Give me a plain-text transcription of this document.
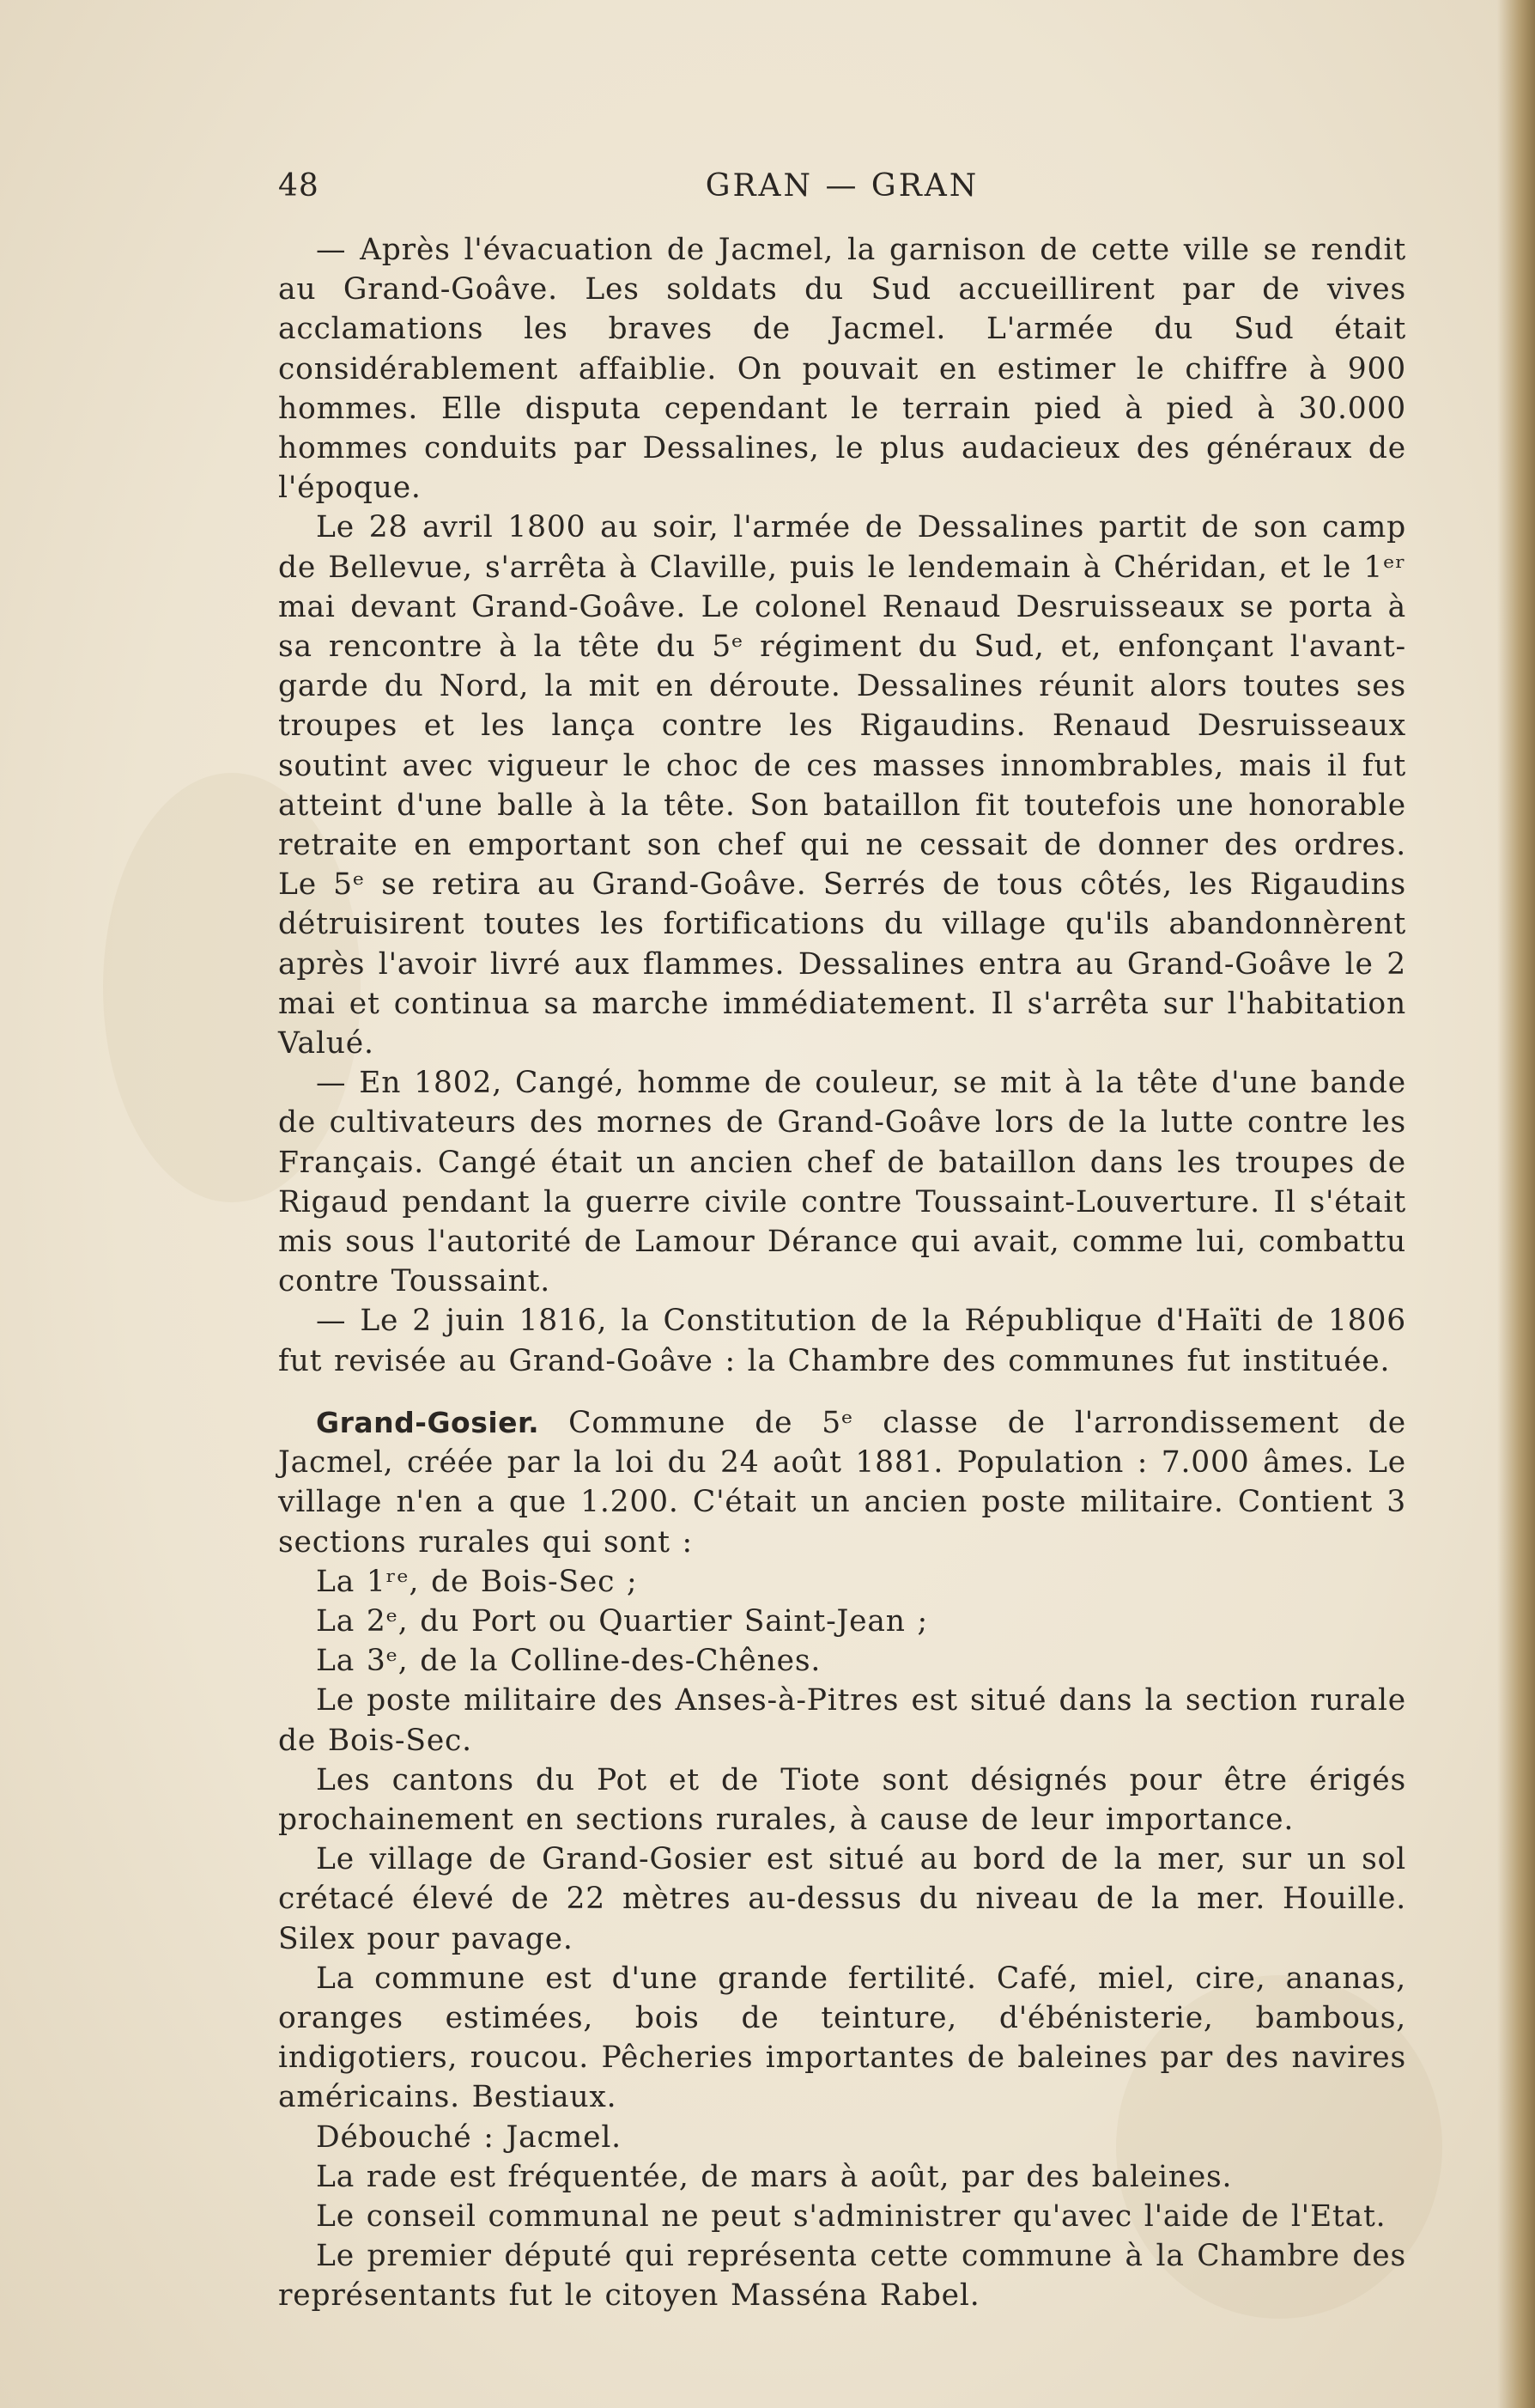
48	GRAN — GRAN

— Après l'évacuation de Jacmel, la garnison de cette ville se rendit au Grand-Goâve. Les soldats du Sud accueillirent par de vives acclamations les braves de Jacmel. L'armée du Sud était considérablement affaiblie. On pouvait en estimer le chiffre à 900 hommes. Elle disputa cependant le terrain pied à pied à 30.000 hommes conduits par Dessalines, le plus audacieux des généraux de l'époque.

Le 28 avril 1800 au soir, l'armée de Dessalines partit de son camp de Bellevue, s'arrêta à Claville, puis le lendemain à Chéridan, et le 1ᵉʳ mai devant Grand-Goâve. Le colonel Renaud Desruisseaux se porta à sa rencontre à la tête du 5ᵉ régiment du Sud, et, enfonçant l'avant-garde du Nord, la mit en déroute. Dessalines réunit alors toutes ses troupes et les lança contre les Rigaudins. Renaud Desruisseaux soutint avec vigueur le choc de ces masses innombrables, mais il fut atteint d'une balle à la tête. Son bataillon fit toutefois une honorable retraite en emportant son chef qui ne cessait de donner des ordres. Le 5ᵉ se retira au Grand-Goâve. Serrés de tous côtés, les Rigaudins détruisirent toutes les fortifications du village qu'ils abandonnèrent après l'avoir livré aux flammes. Dessalines entra au Grand-Goâve le 2 mai et continua sa marche immédiatement. Il s'arrêta sur l'habitation Valué.

— En 1802, Cangé, homme de couleur, se mit à la tête d'une bande de cultivateurs des mornes de Grand-Goâve lors de la lutte contre les Français. Cangé était un ancien chef de bataillon dans les troupes de Rigaud pendant la guerre civile contre Toussaint-Louverture. Il s'était mis sous l'autorité de Lamour Dérance qui avait, comme lui, combattu contre Toussaint.

— Le 2 juin 1816, la Constitution de la République d'Haïti de 1806 fut revisée au Grand-Goâve : la Chambre des communes fut instituée.

Grand-Gosier. Commune de 5ᵉ classe de l'arrondissement de Jacmel, créée par la loi du 24 août 1881. Population : 7.000 âmes. Le village n'en a que 1.200. C'était un ancien poste militaire. Contient 3 sections rurales qui sont :

La 1ʳᵉ, de Bois-Sec ;

La 2ᵉ, du Port ou Quartier Saint-Jean ;

La 3ᵉ, de la Colline-des-Chênes.

Le poste militaire des Anses-à-Pitres est situé dans la section rurale de Bois-Sec.

Les cantons du Pot et de Tiote sont désignés pour être érigés prochainement en sections rurales, à cause de leur importance.

Le village de Grand-Gosier est situé au bord de la mer, sur un sol crétacé élevé de 22 mètres au-dessus du niveau de la mer. Houille. Silex pour pavage.

La commune est d'une grande fertilité. Café, miel, cire, ananas, oranges estimées, bois de teinture, d'ébénisterie, bambous, indigotiers, roucou. Pêcheries importantes de baleines par des navires américains. Bestiaux.

Débouché : Jacmel.

La rade est fréquentée, de mars à août, par des baleines.

Le conseil communal ne peut s'administrer qu'avec l'aide de l'Etat.

Le premier député qui représenta cette commune à la Chambre des représentants fut le citoyen Masséna Rabel.
